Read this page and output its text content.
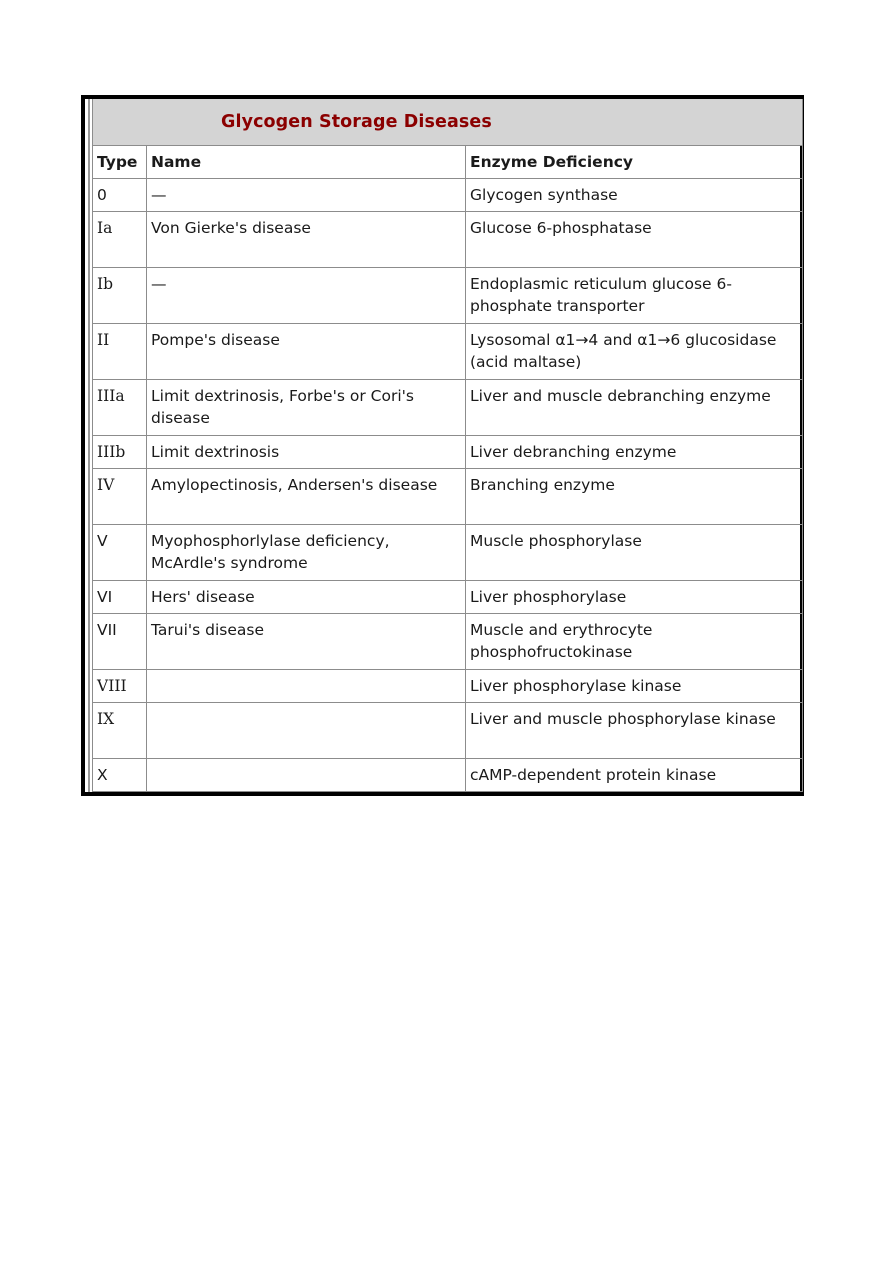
Glycogen Storage Diseases		

Type	Name	Enzyme Deficiency
0	—	Glycogen synthase
Ia	Von Gierke's disease	Glucose 6-phosphatase
Ib	—	Endoplasmic reticulum glucose 6-phosphate transporter
II	Pompe's disease	Lysosomal α1→4 and α1→6 glucosidase (acid maltase)
IIIa	Limit dextrinosis, Forbe's or Cori's disease	Liver and muscle debranching enzyme
IIIb	Limit dextrinosis	Liver debranching enzyme
IV	Amylopectinosis, Andersen's disease	Branching enzyme
V	Myophosphorlylase deficiency, McArdle's syndrome	Muscle phosphorylase
VI	Hers' disease	Liver phosphorylase
VII	Tarui's disease	Muscle and erythrocyte phosphofructokinase
VIII		Liver phosphorylase kinase
IX		Liver and muscle phosphorylase kinase
X		cAMP-dependent protein kinase
